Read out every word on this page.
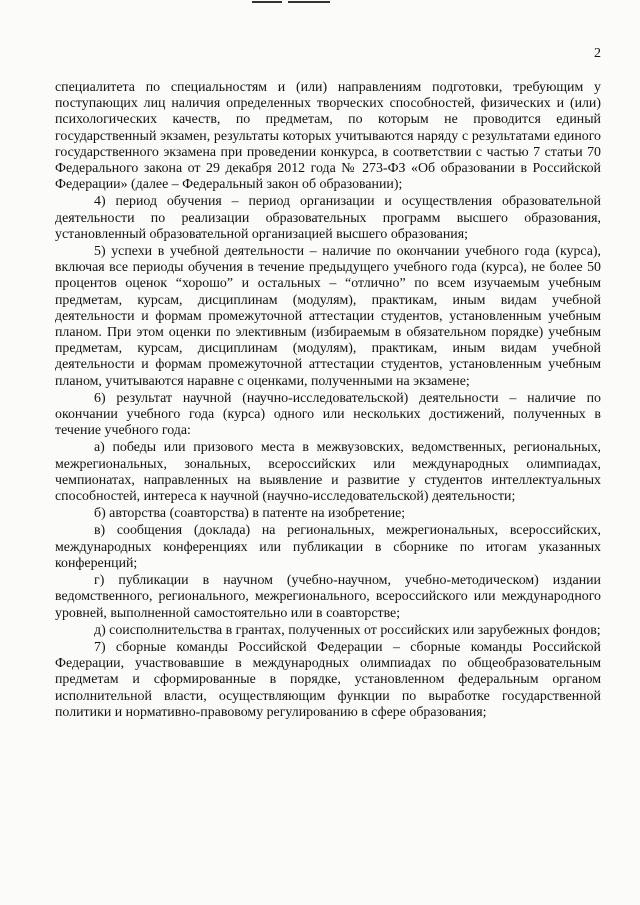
2

специалитета по специальностям и (или) направлениям подготовки, требующим у поступающих лиц наличия определенных творческих способностей, физических и (или) психологических качеств, по предметам, по которым не проводится единый государственный экзамен, результаты которых учитываются наряду с результатами единого государственного экзамена при проведении конкурса, в соответствии с частью 7 статьи 70 Федерального закона от 29 декабря 2012 года № 273-ФЗ «Об образовании в Российской Федерации» (далее – Федеральный закон об образовании);

4) период обучения – период организации и осуществления образовательной деятельности по реализации образовательных программ высшего образования, установленный образовательной организацией высшего образования;

5) успехи в учебной деятельности – наличие по окончании учебного года (курса), включая все периоды обучения в течение предыдущего учебного года (курса), не более 50 процентов оценок “хорошо” и остальных – “отлично” по всем изучаемым учебным предметам, курсам, дисциплинам (модулям), практикам, иным видам учебной деятельности и формам промежуточной аттестации студентов, установленным учебным планом. При этом оценки по элективным (избираемым в обязательном порядке) учебным предметам, курсам, дисциплинам (модулям), практикам, иным видам учебной деятельности и формам промежуточной аттестации студентов, установленным учебным планом, учитываются наравне с оценками, полученными на экзамене;

6) результат научной (научно-исследовательской) деятельности – наличие по окончании учебного года (курса) одного или нескольких достижений, полученных в течение учебного года:

а) победы или призового места в межвузовских, ведомственных, региональных, межрегиональных, зональных, всероссийских или международных олимпиадах, чемпионатах, направленных на выявление и развитие у студентов интеллектуальных способностей, интереса к научной (научно-исследовательской) деятельности;

б) авторства (соавторства) в патенте на изобретение;

в) сообщения (доклада) на региональных, межрегиональных, всероссийских, международных конференциях или публикации в сборнике по итогам указанных конференций;

г) публикации в научном (учебно-научном, учебно-методическом) издании ведомственного, регионального, межрегионального, всероссийского или международного уровней, выполненной самостоятельно или в соавторстве;

д) соисполнительства в грантах, полученных от российских или зарубежных фондов;

7) сборные команды Российской Федерации – сборные команды Российской Федерации, участвовавшие в международных олимпиадах по общеобразовательным предметам и сформированные в порядке, установленном федеральным органом исполнительной власти, осуществляющим функции по выработке государственной политики и нормативно-правовому регулированию в сфере образования;
